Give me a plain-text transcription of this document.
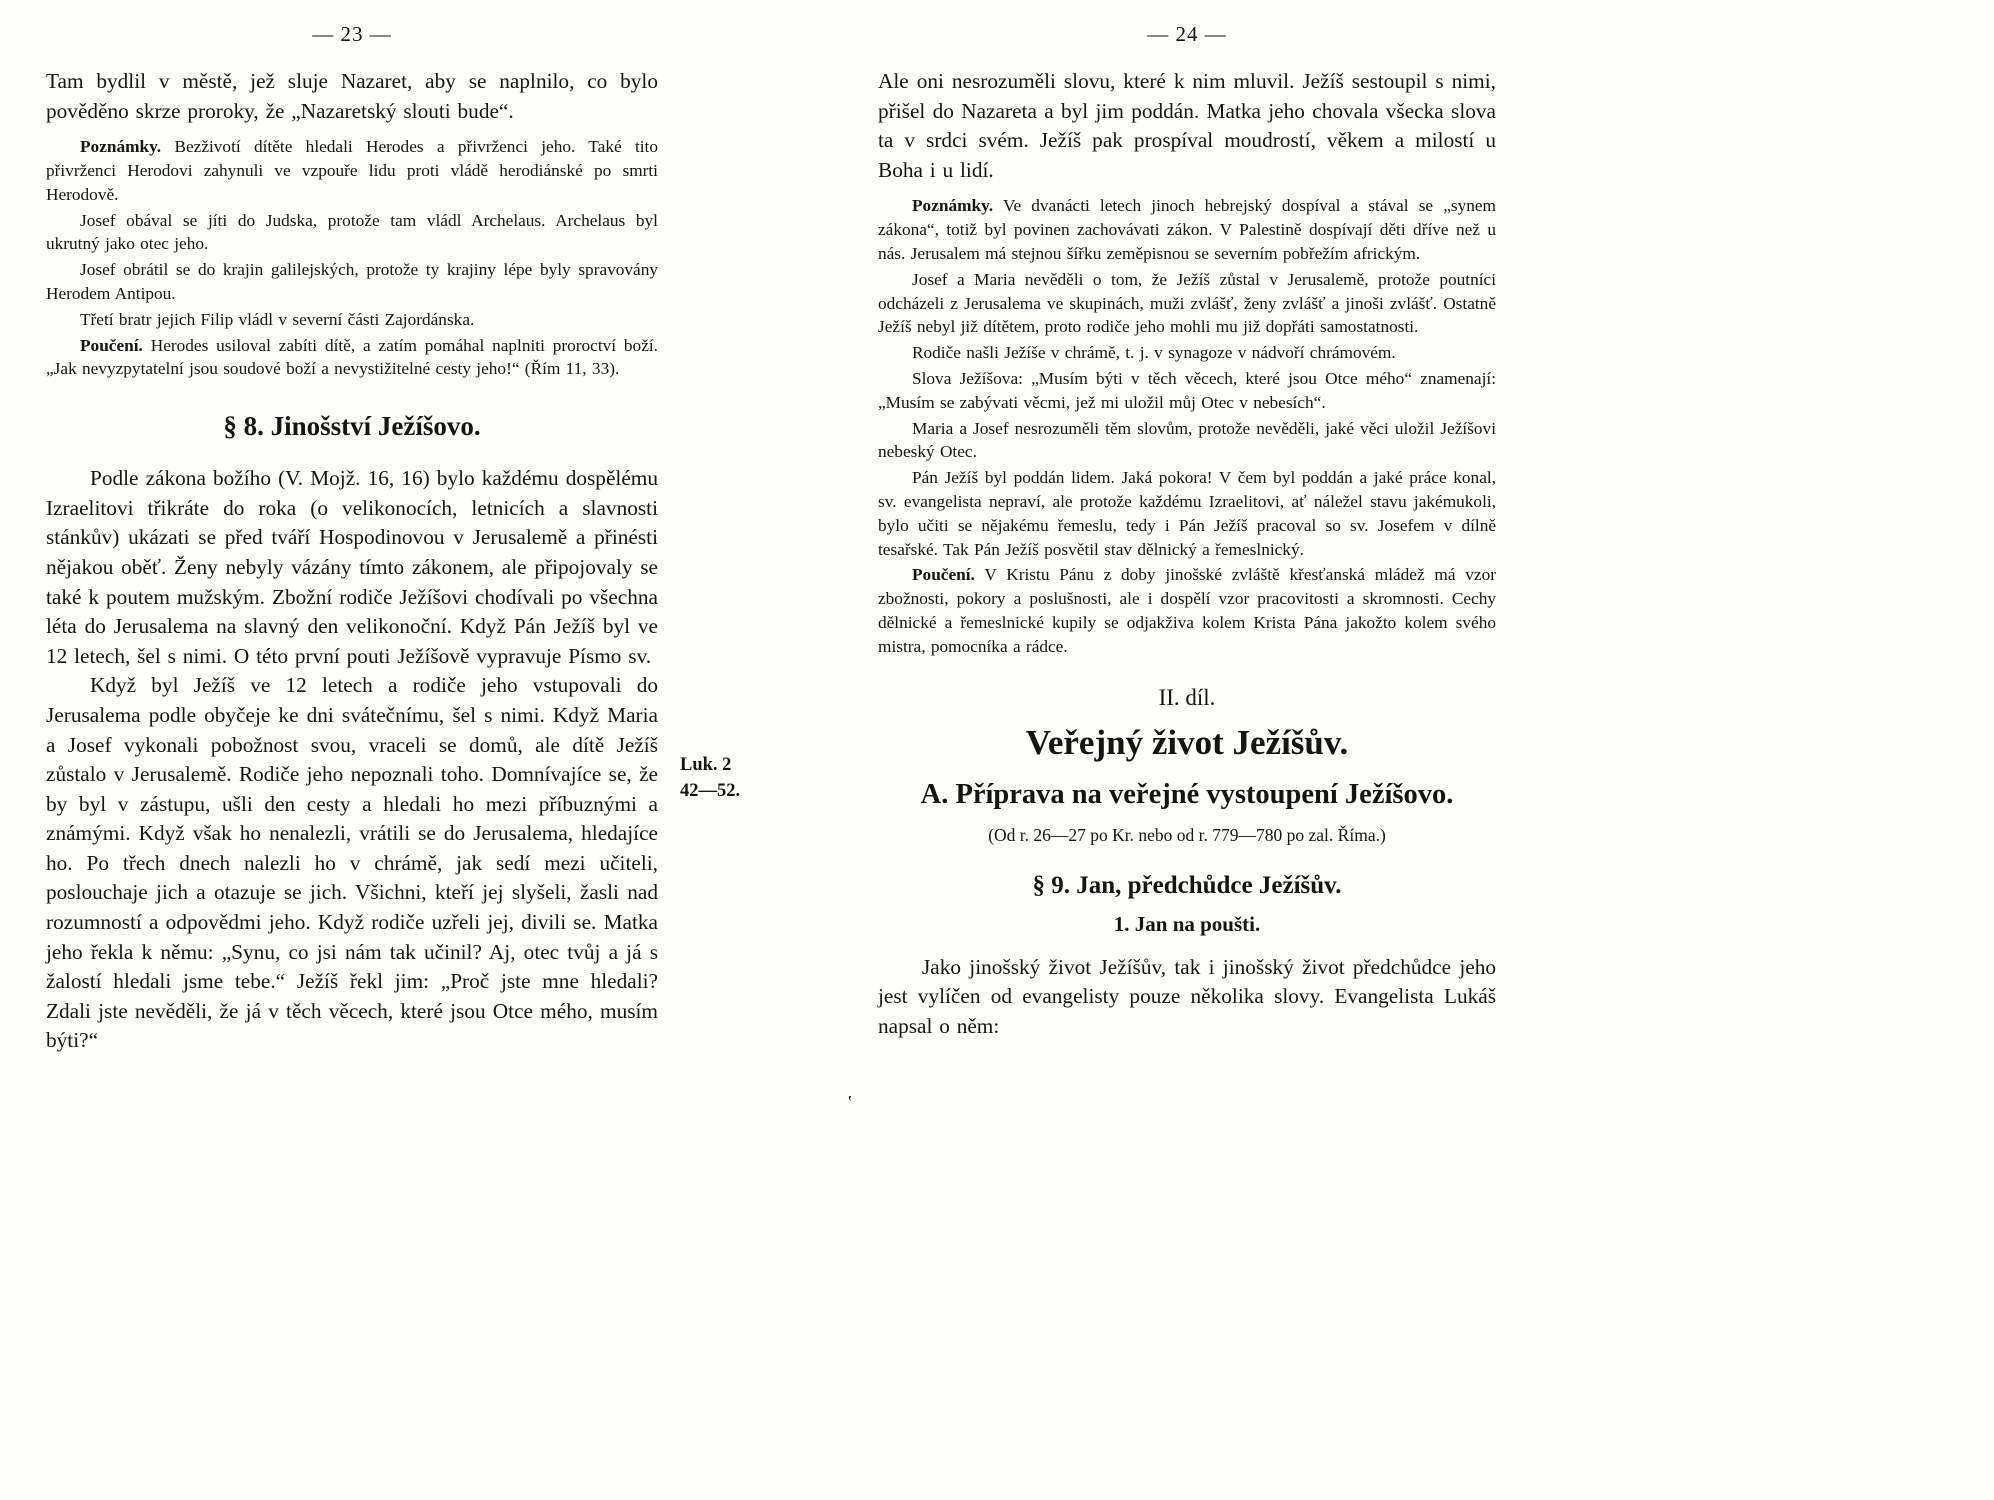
— 23 —

Tam bydlil v městě, jež sluje Nazaret, aby se naplnilo, co bylo pověděno skrze proroky, že „Nazaretský slouti bude“.

Poznámky. Bezživotí dítěte hledali Herodes a přivrženci jeho. Také tito přivrženci Herodovi zahynuli ve vzpouře lidu proti vládě herodiánské po smrti Herodově.

Josef obával se jíti do Judska, protože tam vládl Archelaus. Archelaus byl ukrutný jako otec jeho.

Josef obrátil se do krajin galilejských, protože ty krajiny lépe byly spravovány Herodem Antipou.

Třetí bratr jejich Filip vládl v severní části Zajordánska.

Poučení. Herodes usiloval zabíti dítě, a zatím pomáhal naplniti proroctví boží. „Jak nevyzpytatelní jsou soudové boží a nevystižitelné cesty jeho!“ (Řím 11, 33).

§ 8. Jinošství Ježíšovo.

Podle zákona božího (V. Mojž. 16, 16) bylo každému dospělému Izraelitovi třikráte do roka (o velikonocích, letnicích a slavnosti stánkův) ukázati se před tváří Hospodinovou v Jerusalemě a přinésti nějakou oběť. Ženy nebyly vázány tímto zákonem, ale připojovaly se také k poutem mužským. Zbožní rodiče Ježíšovi chodívali po všechna léta do Jerusalema na slavný den velikonoční. Když Pán Ježíš byl ve 12 letech, šel s nimi. O této první pouti Ježíšově vypravuje Písmo sv.

Když byl Ježíš ve 12 letech a rodiče jeho vstupovali do Jerusalema podle obyčeje ke dni svátečnímu, šel s nimi. Když Maria a Josef vykonali pobožnost svou, vraceli se domů, ale dítě Ježíš zůstalo v Jerusalemě. Rodiče jeho nepoznali toho. Domnívajíce se, že by byl v zástupu, ušli den cesty a hledali ho mezi příbuznými a známými. Když však ho nenalezli, vrátili se do Jerusalema, hledajíce ho. Po třech dnech nalezli ho v chrámě, jak sedí mezi učiteli, poslouchaje jich a otazuje se jich. Všichni, kteří jej slyšeli, žasli nad rozumností a odpovědmi jeho. Když rodiče uzřeli jej, divili se. Matka jeho řekla k němu: „Synu, co jsi nám tak učinil? Aj, otec tvůj a já s žalostí hledali jsme tebe.“ Ježíš řekl jim: „Proč jste mne hledali? Zdali jste nevěděli, že já v těch věcech, které jsou Otce mého, musím býti?“

Luk. 2
42—52.
— 24 —

Ale oni nesrozuměli slovu, které k nim mluvil. Ježíš sestoupil s nimi, přišel do Nazareta a byl jim poddán. Matka jeho chovala všecka slova ta v srdci svém. Ježíš pak prospíval moudrostí, věkem a milostí u Boha i u lidí.

Poznámky. Ve dvanácti letech jinoch hebrejský dospíval a stával se „synem zákona“, totiž byl povinen zachovávati zákon. V Palestině dospívají děti dříve než u nás. Jerusalem má stejnou šířku zeměpisnou se severním pobřežím africkým.

Josef a Maria nevěděli o tom, že Ježíš zůstal v Jerusalemě, protože poutníci odcházeli z Jerusalema ve skupinách, muži zvlášť, ženy zvlášť a jinoši zvlášť. Ostatně Ježíš nebyl již dítětem, proto rodiče jeho mohli mu již dopřáti samostatnosti.

Rodiče našli Ježíše v chrámě, t. j. v synagoze v nádvoří chrámovém.

Slova Ježíšova: „Musím býti v těch věcech, které jsou Otce mého“ znamenají: „Musím se zabývati věcmi, jež mi uložil můj Otec v nebesích“.

Maria a Josef nesrozuměli těm slovům, protože nevěděli, jaké věci uložil Ježíšovi nebeský Otec.

Pán Ježíš byl poddán lidem. Jaká pokora! V čem byl poddán a jaké práce konal, sv. evangelista nepraví, ale protože každému Izraelitovi, ať náležel stavu jakémukoli, bylo učiti se nějakému řemeslu, tedy i Pán Ježíš pracoval so sv. Josefem v dílně tesařské. Tak Pán Ježíš posvětil stav dělnický a řemeslnický.

Poučení. V Kristu Pánu z doby jinošské zvláště křesťanská mládež má vzor zbožnosti, pokory a poslušnosti, ale i dospělí vzor pracovitosti a skromnosti. Cechy dělnické a řemeslnické kupily se odjakživa kolem Krista Pána jakožto kolem svého mistra, pomocníka a rádce.

II. díl.
Veřejný život Ježíšův.
A. Příprava na veřejné vystoupení Ježíšovo.
(Od r. 26—27 po Kr. nebo od r. 779—780 po zal. Říma.)
§ 9. Jan, předchůdce Ježíšův.
1. Jan na poušti.

Jako jinošský život Ježíšův, tak i jinošský život předchůdce jeho jest vylíčen od evangelisty pouze několika slovy. Evangelista Lukáš napsal o něm:

‛
